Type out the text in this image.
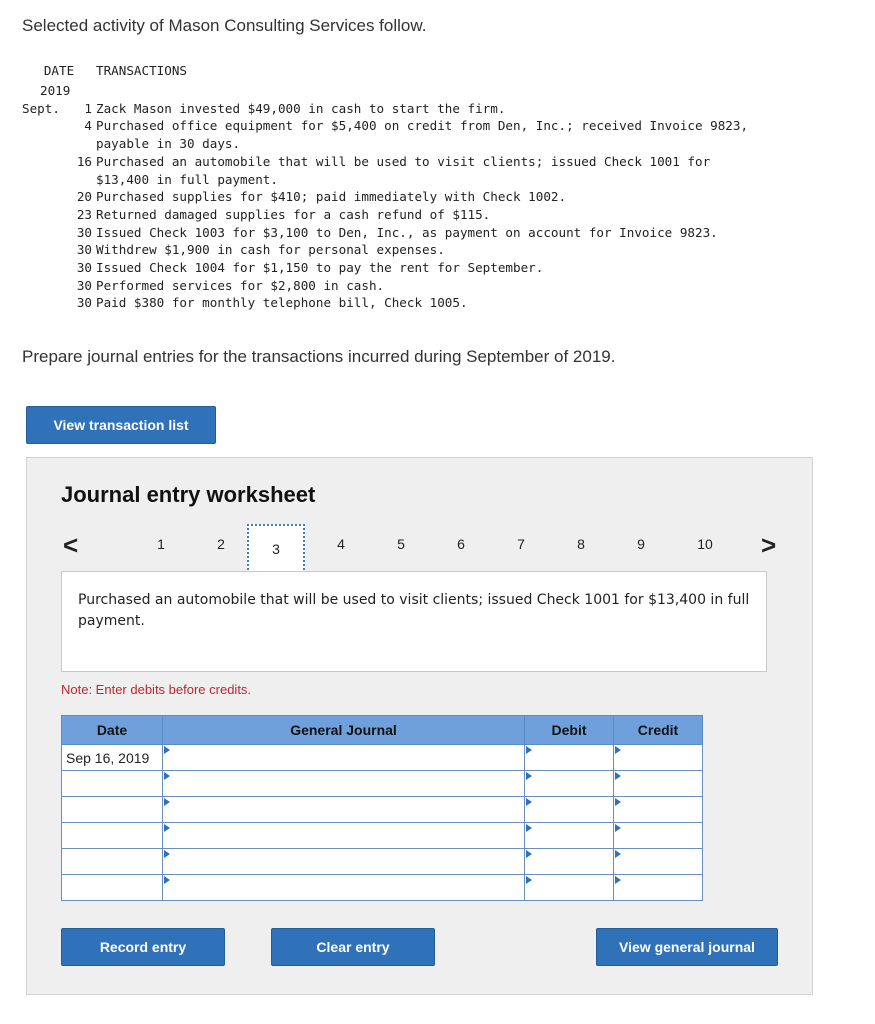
Selected activity of Mason Consulting Services follow.
DATE	TRANSACTIONS
2019
Sept.	1 Zack Mason invested $49,000 in cash to start the firm.
4 Purchased office equipment for $5,400 on credit from Den, Inc.; received Invoice 9823, payable in 30 days.
16 Purchased an automobile that will be used to visit clients; issued Check 1001 for $13,400 in full payment.
20 Purchased supplies for $410; paid immediately with Check 1002.
23 Returned damaged supplies for a cash refund of $115.
30 Issued Check 1003 for $3,100 to Den, Inc., as payment on account for Invoice 9823.
30 Withdrew $1,900 in cash for personal expenses.
30 Issued Check 1004 for $1,150 to pay the rent for September.
30 Performed services for $2,800 in cash.
30 Paid $380 for monthly telephone bill, Check 1005.
Prepare journal entries for the transactions incurred during September of 2019.
View transaction list
Journal entry worksheet
<	1	2	3	4	5	6	7	8	9	10 >
Purchased an automobile that will be used to visit clients; issued Check 1001 for $13,400 in full payment.
Note: Enter debits before credits.
Date	General Journal	Debit	Credit
Sep 16, 2019	

Record entry	Clear entry	View general journal
